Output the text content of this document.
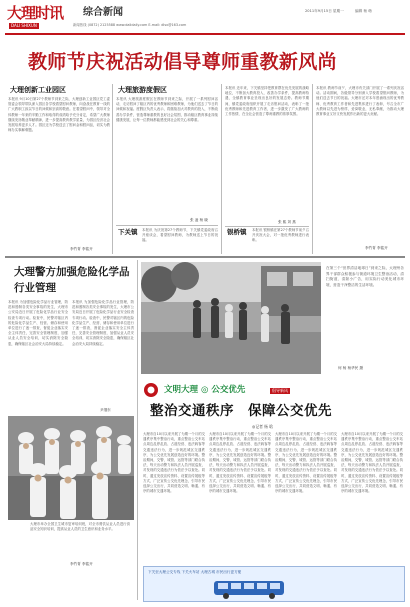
大理时讯
DALI SHIXUN
综合新闻
新闻热线 (0872) 2125588 www.dalidaily.com E-mail: dlsx@163.com
2011年9月15日 星期一	编辑 杨 萌
教师节庆祝活动倡导尊师重教新风尚
大理创新工业园区
本报讯 9月10日第27个教师节到来之际，大理创新工业园区党工委管委会领导带队深入园区各学校看望慰问教师，向奋战在教育一线的广大教职工致以节日的问候和崇高的敬意。在看望慰问中，领导对全体教师一年来的辛勤工作和取得的成绩给予充分肯定，希望广大教师继续发扬敬业奉献精神，进一步提高教育教学质量，为园区经济社会发展培养更多人才。园区还为学校送去了慰问金和慰问品，切实为教师办实事解难题。
李竹青 李铭开
大理旅游度假区
本报讯 大理旅游度假区在教师节到来之际，开展了一系列慰问活动，走访慰问了辖区内的优秀教师和困难教师，为他们送去了节日的问候和祝福。度假区负责人表示，将继续加大对教育的投入，不断改善办学条件，营造尊师重教的良好社会氛围，推动辖区教育事业持续健康发展，让每一位教师都能感受到社会的关心和尊重。
张 凌 杨 晓
下关镇 本报讯 为庆祝第27个教师节，下关镇党委政府召开座谈会，看望慰问教师，为教师送上节日的祝福。
本报讯 近年来，下关镇坚持把教育摆在优先发展的战略地位，不断加大教育投入，改善办学条件，提高教师待遇，全镇教育事业呈现出良好的发展态势。教师节期间，镇党委政府组织开展了走访慰问活动，表彰了一批优秀教师和先进教育工作者，进一步激发了广大教师的工作热情，在全社会营造了尊师重教的浓厚氛围。
张 熙 刘 燕
银桥镇 本报讯 银桥镇在第27个教师节前夕召开庆祝大会，对一批优秀教师进行表彰。
本报讯 教师节前夕，大理市有关部门开展了一系列庆祝活动。活动期间，各级领导分别深入学校看望慰问教师，为他们送去节日的祝福。大理市还对本年度涌现出的优秀教师、优秀教育工作者和先进集体进行了表彰，号召全市广大教师以先进为榜样，爱岗敬业，无私奉献，为推动大理教育事业又好又快发展作出新的更大贡献。
李竹青 李铭开
大理警方加强危险化学品行业管理
本报讯 为加强危险化学品行业管理，防范和遏制各类安全事故的发生，大理市公安局近日开展了危险化学品行业安全检查专项行动。检查中，民警对辖区内的危险化学品生产、经营、储存和使用单位进行了逐一排查，督促企业落实安全主体责任，完善安全管理制度，加强从业人员安全培训，切实消除安全隐患，确保辖区社会治安大局持续稳定。
本报讯 为加强危险化学品行业管理，防范和遏制各类安全事故的发生，大理市公安局近日开展了危险化学品行业安全检查专项行动。检查中，民警对辖区内的危险化学品生产、经营、储存和使用单位进行了逐一排查，督促企业落实安全主体责任，完善安全管理制度，加强从业人员安全培训，切实消除安全隐患，确保辖区社会治安大局持续稳定。
尹继东
大理市举办全国卫生城市复审培训班，对全市餐饮从业人员进行食品安全知识培训，提高从业人员的卫生意识和业务水平。
李竹青 李铭开
在第三个“世界清洁地球日”到来之际，大理州各界干部群众积极参与街道环境卫生整治活动，清扫街道、清除小广告，用实际行动美化城市环境，营造干净整洁的生活环境。
何 杨 杨华民 摄
文明大理 ◎ 公交优先	倡导新风
整治交通秩序　保障公交优先
◎记者 杨 晗
大理市自10月以来开展了为期一个月的交通秩序集中整治行动，重点整治公交车站点周边乱停乱放、占道经营、违法载客等交通违法行为，进一步规范城区交通秩序，为公交优先发展创造良好的环境。整治期间，交警、城管、运管等部门联合执法，每天出动警力和执法人员开展巡查，对发现的交通违法行为依法予以查处。同时，通过发放宣传资料、设置宣传展板等方式，广泛宣传公交优先理念，引导市民选择公交出行，共同营造文明、畅通、有序的城市交通环境。
大理市自10月以来开展了为期一个月的交通秩序集中整治行动，重点整治公交车站点周边乱停乱放、占道经营、违法载客等交通违法行为，进一步规范城区交通秩序，为公交优先发展创造良好的环境。整治期间，交警、城管、运管等部门联合执法，每天出动警力和执法人员开展巡查，对发现的交通违法行为依法予以查处。同时，通过发放宣传资料、设置宣传展板等方式，广泛宣传公交优先理念，引导市民选择公交出行，共同营造文明、畅通、有序的城市交通环境。
大理市自10月以来开展了为期一个月的交通秩序集中整治行动，重点整治公交车站点周边乱停乱放、占道经营、违法载客等交通违法行为，进一步规范城区交通秩序，为公交优先发展创造良好的环境。整治期间，交警、城管、运管等部门联合执法，每天出动警力和执法人员开展巡查，对发现的交通违法行为依法予以查处。同时，通过发放宣传资料、设置宣传展板等方式，广泛宣传公交优先理念，引导市民选择公交出行，共同营造文明、畅通、有序的城市交通环境。
大理市自10月以来开展了为期一个月的交通秩序集中整治行动，重点整治公交车站点周边乱停乱放、占道经营、违法载客等交通违法行为，进一步规范城区交通秩序，为公交优先发展创造良好的环境。整治期间，交警、城管、运管等部门联合执法，每天出动警力和执法人员开展巡查，对发现的交通违法行为依法予以查处。同时，通过发放宣传资料、设置宣传展板等方式，广泛宣传公交优先理念，引导市民选择公交出行，共同营造文明、畅通、有序的城市交通环境。
下关至大理公交专线 下关火车站 大理古城 市民出行更方便
